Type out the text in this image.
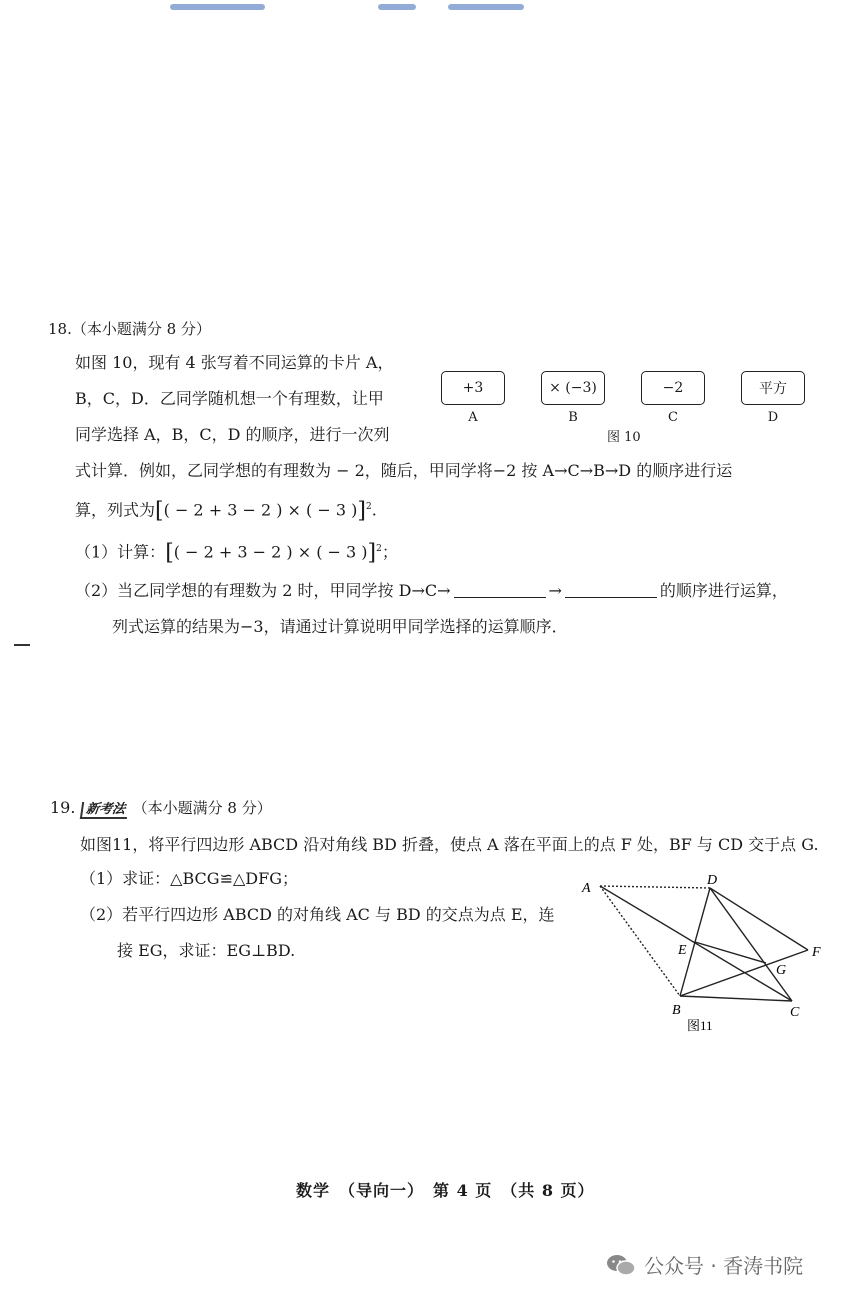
18.（本小题满分 8 分）
如图 10，现有 4 张写着不同运算的卡片 A，
B，C，D．乙同学随机想一个有理数，让甲
同学选择 A，B，C，D 的顺序，进行一次列
式计算．例如，乙同学想的有理数为 − 2，随后，甲同学将−2 按 A→C→B→D 的顺序进行运
算，列式为[( − 2 + 3 − 2 ) × ( − 3 )]$^2$.
+3	× (−3)	−2	平方
A	B	C	D
图 10
（1）计算：[( − 2 + 3 − 2 ) × ( − 3 )]$^2$；
（2）当乙同学想的有理数为 2 时，甲同学按 D→C→	→	的顺序进行运算，
列式运算的结果为−3，请通过计算说明甲同学选择的运算顺序．
19. 新考法 （本小题满分 8 分）
如图11，将平行四边形 ABCD 沿对角线 BD 折叠，使点 A 落在平面上的点 F 处，BF 与 CD 交于点 G.
（1）求证：△BCG≌△DFG；
（2）若平行四边形 ABCD 的对角线 AC 与 BD 的交点为点 E，连
接 EG，求证：EG⊥BD.
A
D
E	F
G
B	C
图11
数学　（导向一）　第 4 页　（共 8 页）
公众号 · 香涛书院
